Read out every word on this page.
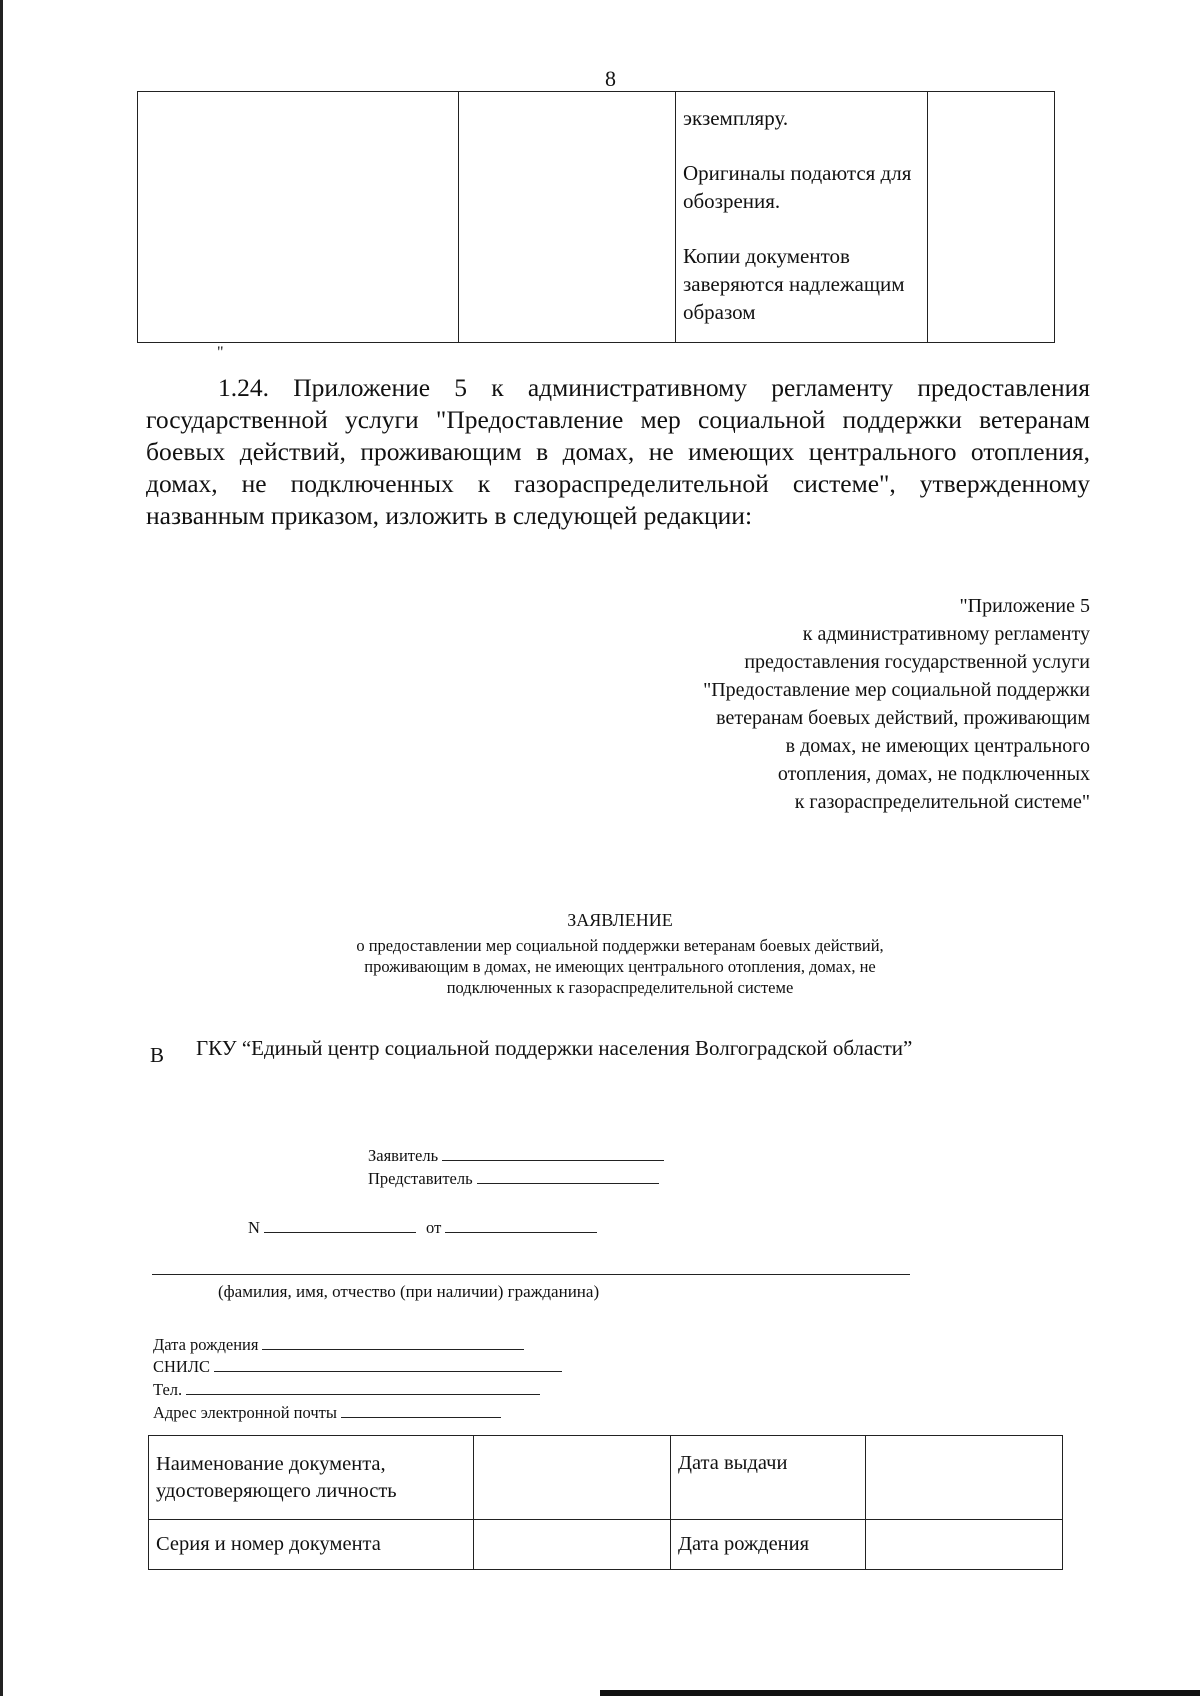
8

экземпляру.

Оригиналы подаются для обозрения.

Копии документов заверяются надлежащим образом

"
1.24. Приложение 5 к административному регламенту предоставления государственной услуги "Предоставление мер социальной поддержки ветеранам боевых действий, проживающим в домах, не имеющих центрального отопления, домах, не подключенных к газораспределительной системе", утвержденному названным приказом, изложить в следующей редакции:
"Приложение 5
к административному регламенту
предоставления государственной услуги
"Предоставление мер социальной поддержки
ветеранам боевых действий, проживающим
в домах, не имеющих центрального
отопления, домах, не подключенных
к газораспределительной системе"
ЗАЯВЛЕНИЕ
о предоставлении мер социальной поддержки ветеранам боевых действий,
проживающим в домах, не имеющих центрального отопления, домах, не
подключенных к газораспределительной системе
В ГКУ “Единый центр социальной поддержки населения Волгоградской области”
Заявитель
Представитель
N	от
(фамилия, имя, отчество (при наличии) гражданина)
Дата рождения
СНИЛС
Тел.
Адрес электронной почты
Наименование документа, удостоверяющего личность		Дата выдачи	
Серия и номер документа		Дата рождения	
